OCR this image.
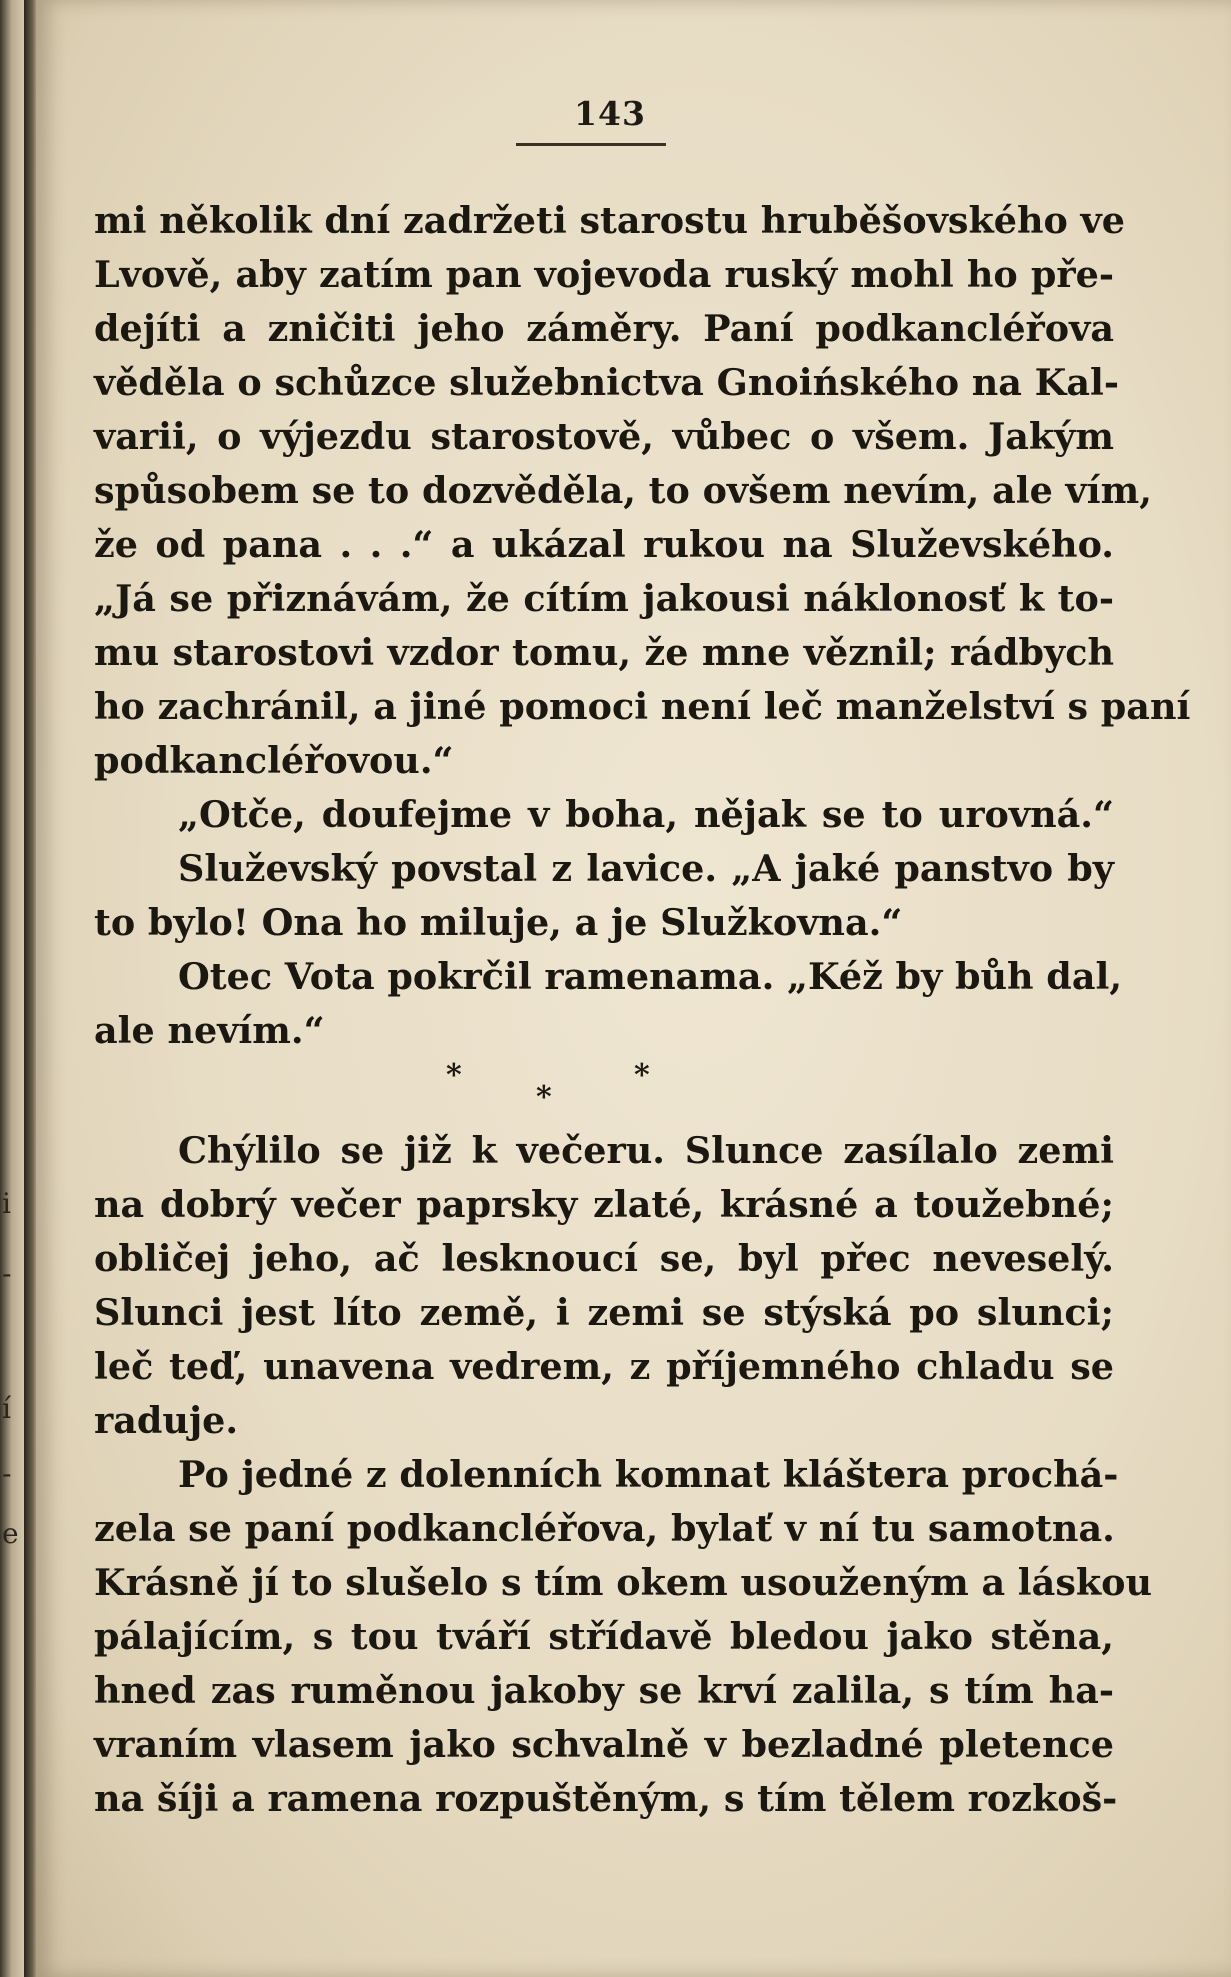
i
-
í
-
e
143
mi několik dní zadržeti starostu hruběšovského ve
Lvově, aby zatím pan vojevoda ruský mohl ho pře-
dejíti a zničiti jeho záměry. Paní podkancléřova
věděla o schůzce služebnictva Gnoińského na Kal-
varii, o výjezdu starostově, vůbec o všem. Jakým
spůsobem se to dozvěděla, to ovšem nevím, ale vím,
že od pana . . .“ a ukázal rukou na Služevského.
„Já se přiznávám, že cítím jakousi náklonosť k to-
mu starostovi vzdor tomu, že mne věznil; rádbych
ho zachránil, a jiné pomoci není leč manželství s paní
podkancléřovou.“
„Otče, doufejme v boha, nějak se to urovná.“
Služevský povstal z lavice. „A jaké panstvo by
to bylo! Ona ho miluje, a je Služkovna.“
Otec Vota pokrčil ramenama. „Kéž by bůh dal,
ale nevím.“
*
*
*
Chýlilo se již k večeru. Slunce zasílalo zemi
na dobrý večer paprsky zlaté, krásné a toužebné;
obličej jeho, ač lesknoucí se, byl přec neveselý.
Slunci jest líto země, i zemi se stýská po slunci;
leč teď, unavena vedrem, z příjemného chladu se
raduje.
Po jedné z dolenních komnat kláštera prochá-
zela se paní podkancléřova, bylať v ní tu samotna.
Krásně jí to slušelo s tím okem usouženým a láskou
pálajícím, s tou tváří střídavě bledou jako stěna,
hned zas ruměnou jakoby se krví zalila, s tím ha-
vraním vlasem jako schvalně v bezladné pletence
na šíji a ramena rozpuštěným, s tím tělem rozkoš-
